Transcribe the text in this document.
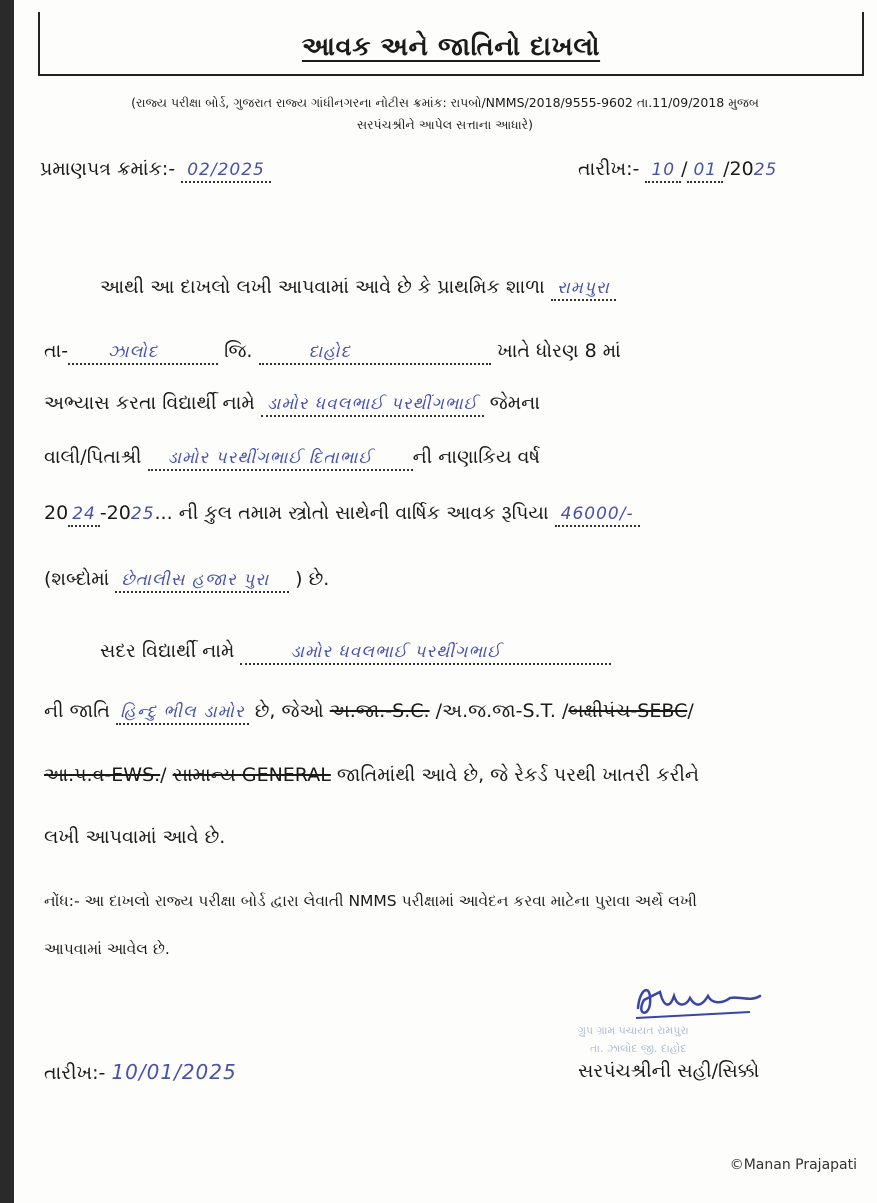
આવક અને જાતિનો દાખલો
(રાજ્ય પરીક્ષા બોર્ડ, ગુજરાત રાજ્ય ગાંધીનગરના નોટીસ ક્રમાંક: રાપબો/NMMS/2018/9555-9602 તા.11/09/2018 મુજબ
સરપંચશ્રીને આપેલ સત્તાના આધારે)
પ્રમાણપત્ર ક્રમાંક:- 02/2025	તારીખ:- 10 / 01 /2025
આથી આ દાખલો લખી આપવામાં આવે છે કે પ્રાથમિક શાળા રામપુરા
તા- ઝાલોદ	જિ.	દાહોદ	ખાતે ધોરણ 8 માં
અભ્યાસ કરતા વિદ્યાર્થી નામે ડામોર ધવલભાઈ પરથીંગભાઈ જેમના
વાલી/પિતાશ્રી ડામોર પરથીંગભાઈ દિતાભાઈ ની નાણાકિય વર્ષ
20 24 -2025... ની કુલ તમામ સ્ત્રોતો સાથેની વાર્ષિક આવક રૂપિયા 46000/-
(શબ્દોમાં છેતાલીસ હજાર પુરા ) છે.
સદર વિદ્યાર્થી નામે	ડામોર ધવલભાઈ પરથીંગભાઈ
ની જાતિ હિન્દુ ભીલ ડામોર છે, જેઓ અ.જા.-S.C. /અ.જ.જા-S.T. /બક્ષીપંચ-SEBC/
આ.પ.વ-EWS./ સામાન્ય GENERAL જાતિમાંથી આવે છે, જે રેકર્ડ પરથી ખાતરી કરીને
લખી આપવામાં આવે છે.
નોંધ:- આ દાખલો રાજ્ય પરીક્ષા બોર્ડ દ્વારા લેવાતી NMMS પરીક્ષામાં આવેદન કરવા માટેના પુરાવા અર્થે લખી
આપવામાં આવેલ છે.
ગ્રુપ ગ્રામ પંચાયત રામપુરા
તા. ઝાલોદ જી. દાહોદ
તારીખ:- 10/01/2025	સરપંચશ્રીની સહી/સિક્કો
©Manan Prajapati
